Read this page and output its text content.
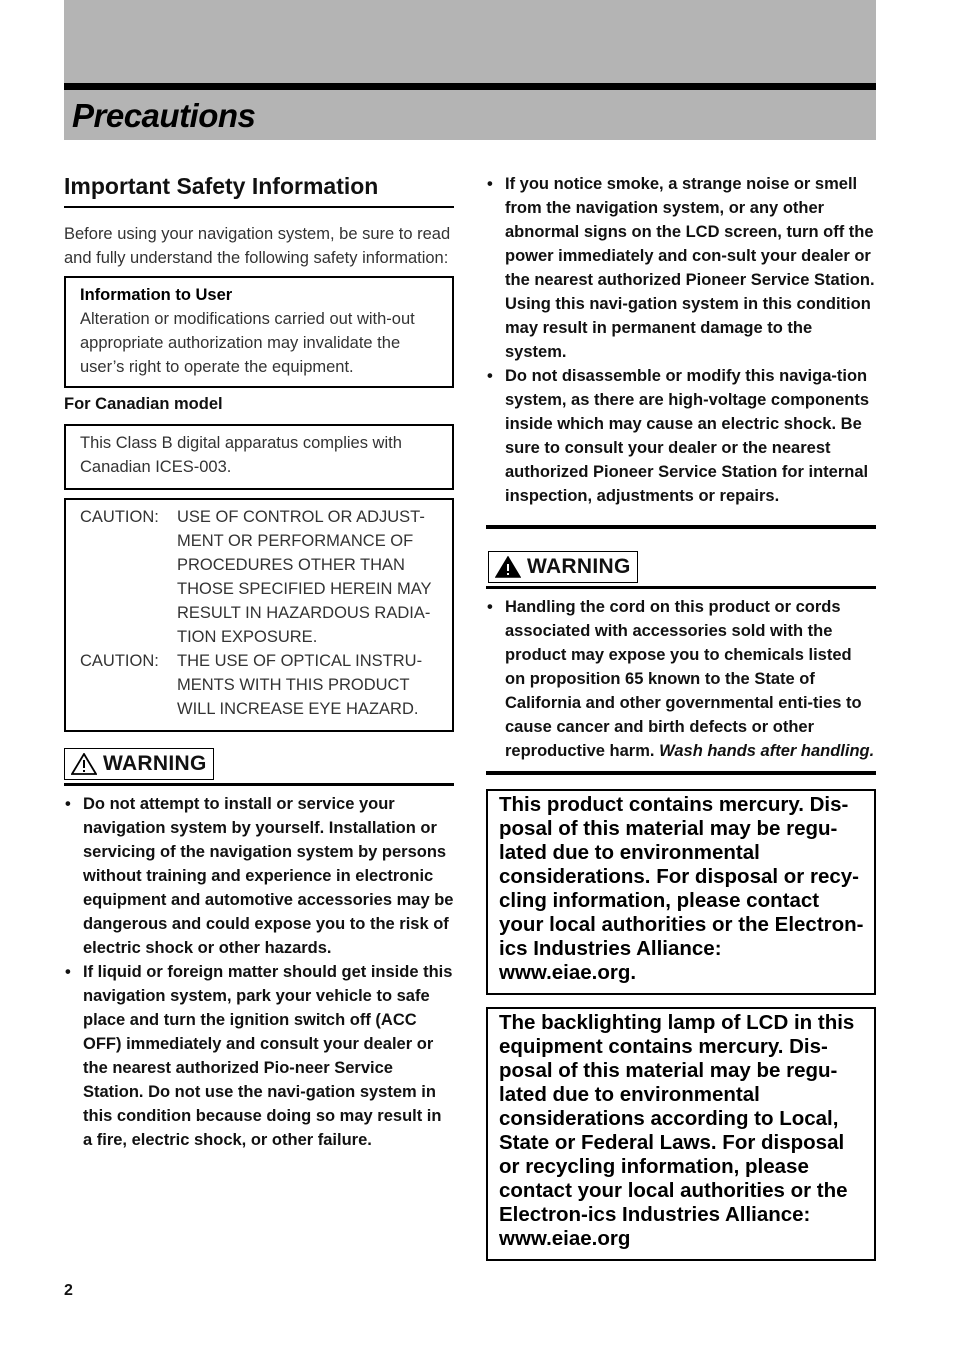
Precautions
Important Safety Information

Before using your navigation system, be sure to read and fully understand the following safety information:

Information to User
Alteration or modifications carried out with-out appropriate authorization may invalidate the user’s right to operate the equipment.
For Canadian model
This Class B digital apparatus complies with Canadian ICES-003.
CAUTION:	USE OF CONTROL OR ADJUST-MENT OR PERFORMANCE OF PROCEDURES OTHER THAN THOSE SPECIFIED HEREIN MAY RESULT IN HAZARDOUS RADIA-TION EXPOSURE.
CAUTION:	THE USE OF OPTICAL INSTRU-MENTS WITH THIS PRODUCT WILL INCREASE EYE HAZARD.
WARNING
• Do not attempt to install or service your navigation system by yourself. Installation or servicing of the navigation system by persons without training and experience in electronic equipment and automotive accessories may be dangerous and could expose you to the risk of electric shock or other hazards.
• If liquid or foreign matter should get inside this navigation system, park your vehicle to safe place and turn the ignition switch off (ACC OFF) immediately and consult your dealer or the nearest authorized Pio-neer Service Station. Do not use the navi-gation system in this condition because doing so may result in a fire, electric shock, or other failure.
• If you notice smoke, a strange noise or smell from the navigation system, or any other abnormal signs on the LCD screen, turn off the power immediately and con-sult your dealer or the nearest authorized Pioneer Service Station. Using this navi-gation system in this condition may result in permanent damage to the system.
• Do not disassemble or modify this naviga-tion system, as there are high-voltage components inside which may cause an electric shock. Be sure to consult your dealer or the nearest authorized Pioneer Service Station for internal inspection, adjustments or repairs.
WARNING
• Handling the cord on this product or cords associated with accessories sold with the product may expose you to chemicals listed on proposition 65 known to the State of California and other governmental enti-ties to cause cancer and birth defects or other reproductive harm. Wash hands after handling.
This product contains mercury. Dis-posal of this material may be regu-lated due to environmental considerations. For disposal or recy-cling information, please contact your local authorities or the Electron-ics Industries Alliance: www.eiae.org.
The backlighting lamp of LCD in this equipment contains mercury. Dis-posal of this material may be regu-lated due to environmental considerations according to Local, State or Federal Laws. For disposal or recycling information, please contact your local authorities or the Electron-ics Industries Alliance: www.eiae.org
2
